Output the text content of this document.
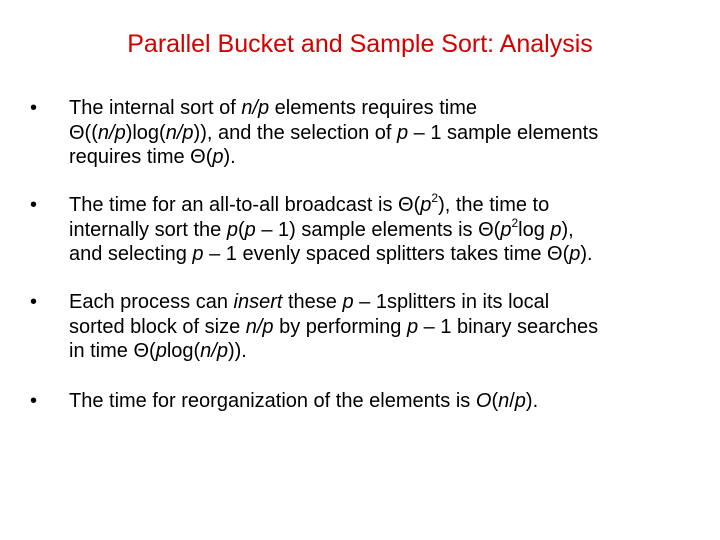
Parallel Bucket and Sample Sort: Analysis
• The internal sort of n/p elements requires time
Θ((n/p)log(n/p)), and the selection of p – 1 sample elements
requires time Θ(p).
• The time for an all-to-all broadcast is $\Theta(p^2)$, the time to
internally sort the p(p – 1) sample elements is $\Theta(p^2\log$ p),
and selecting p – 1 evenly spaced splitters takes time Θ(p).
• Each process can insert these p – 1splitters in its local
sorted block of size n/p by performing p – 1 binary searches
in time Θ(plog(n/p)).
• The time for reorganization of the elements is O(n/p).
